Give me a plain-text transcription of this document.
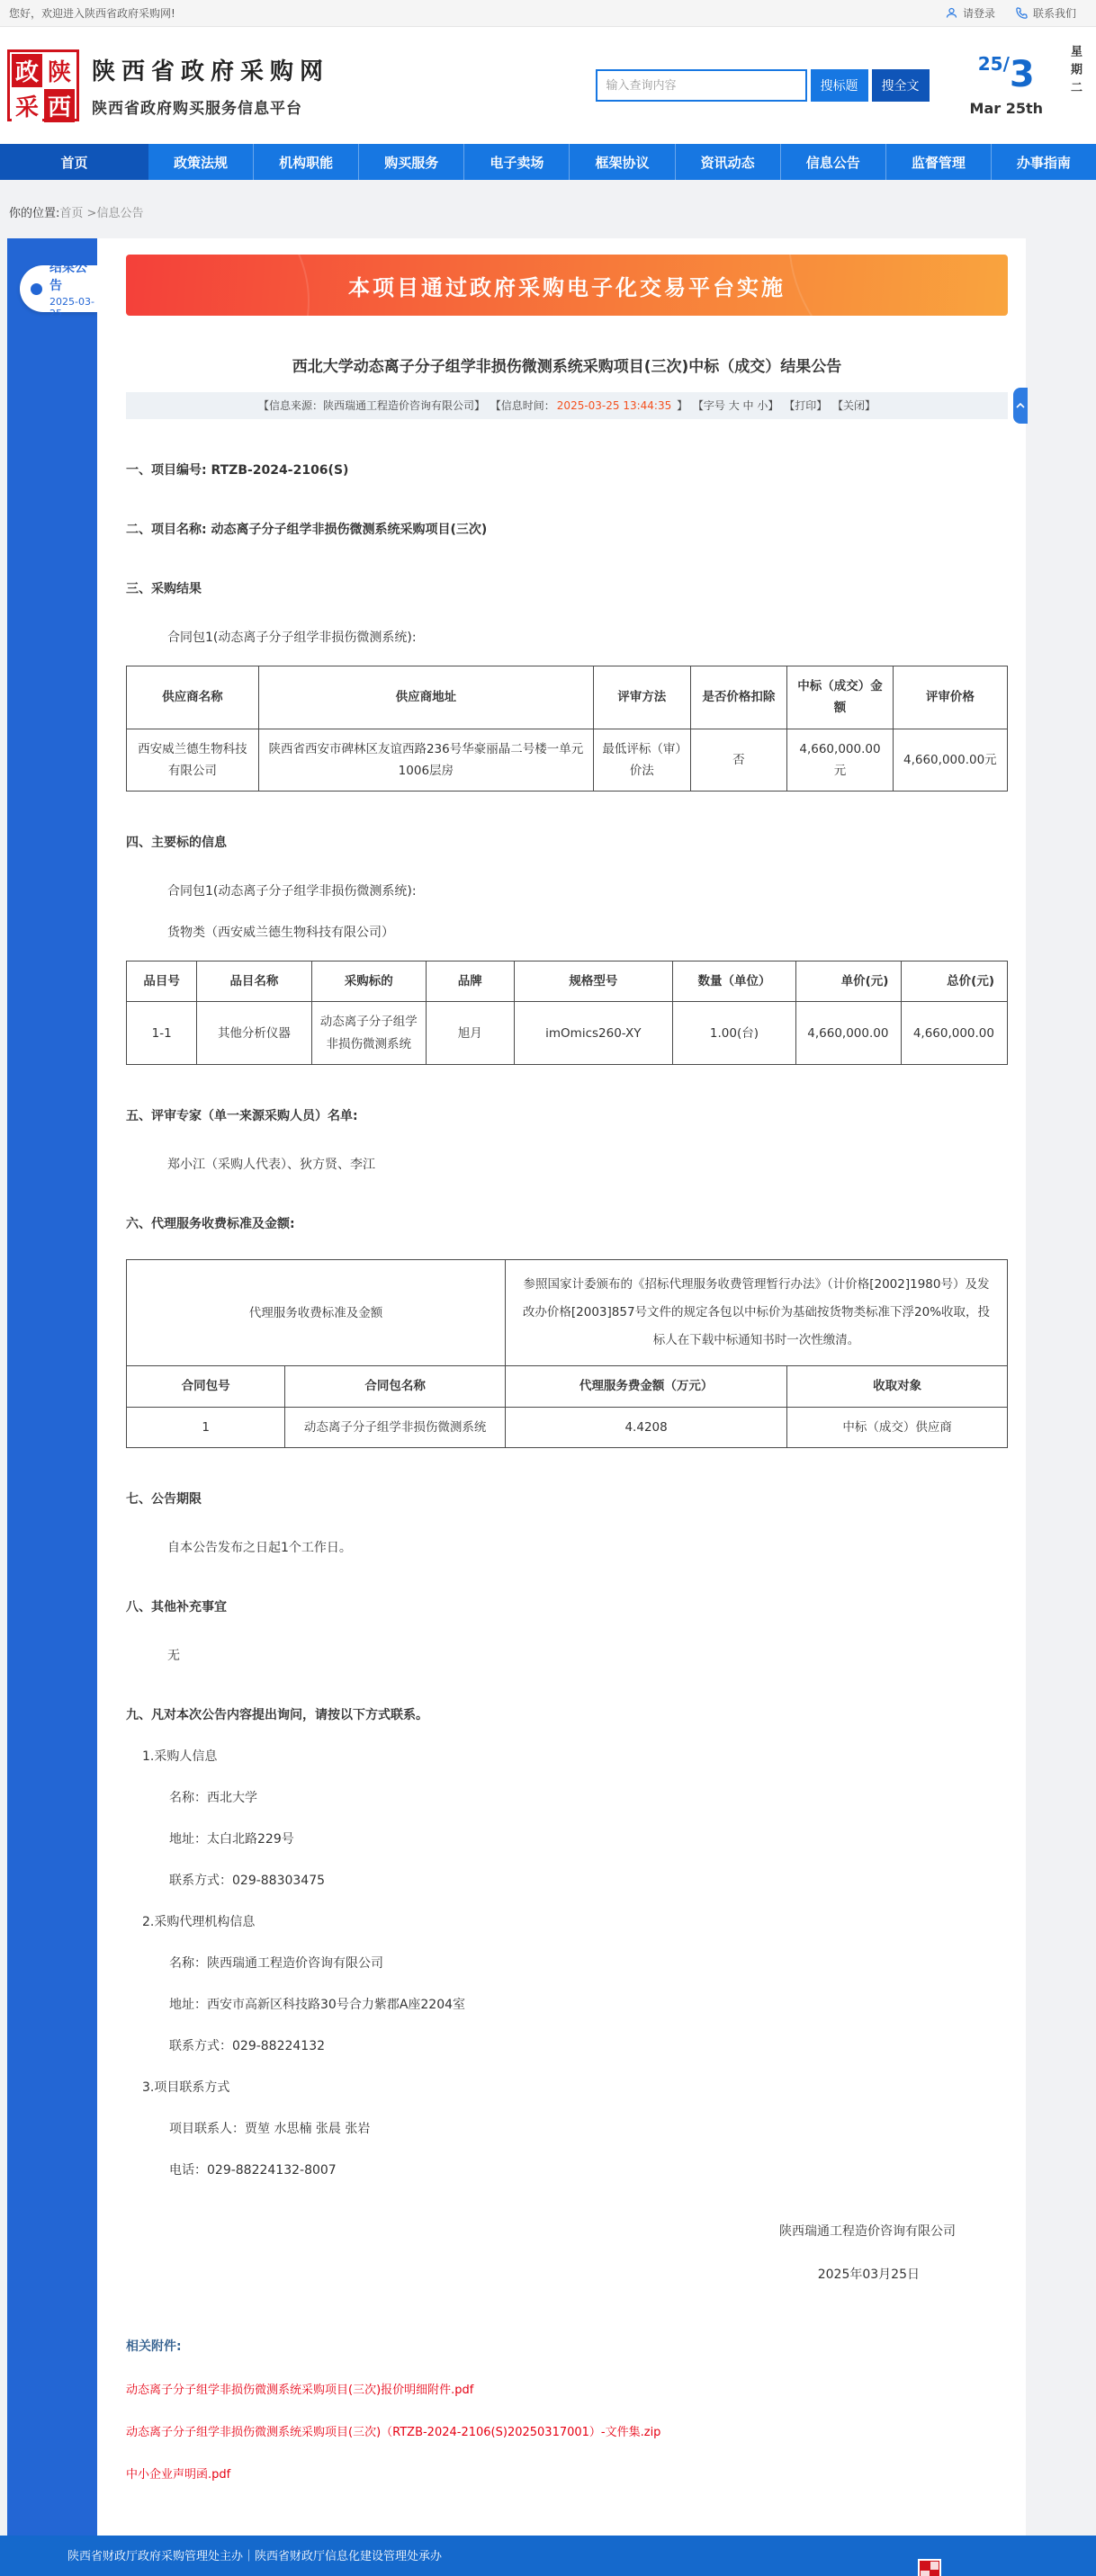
您好，欢迎进入陕西省政府采购网!	请登录	联系我们
政 陕
采 西
陕西省政府采购网
陕西省政府购买服务信息平台
输入查询内容
搜标题	搜全文
25/3
Mar 25th
星期二
首页	政策法规	机构职能	购买服务	电子卖场	框架协议	资讯动态	信息公告	监督管理	办事指南
你的位置:首页 >信息公告
结果公告
2025-03-25
本项目通过政府采购电子化交易平台实施
西北大学动态离子分子组学非损伤微测系统采购项目(三次)中标（成交）结果公告
【信息来源：陕西瑞通工程造价咨询有限公司】 【信息时间： 2025-03-25 13:44:35 】 【字号 大 中 小】 【打印】 【关闭】
一、项目编号: RTZB-2024-2106(S)
二、项目名称: 动态离子分子组学非损伤微测系统采购项目(三次)
三、采购结果
合同包1(动态离子分子组学非损伤微测系统):
供应商名称	供应商地址	评审方法	是否价格扣除	中标（成交）金额	评审价格
西安威兰德生物科技有限公司	陕西省西安市碑林区友谊西路236号华豪丽晶二号楼一单元1006层房	最低评标（审）价法	否	4,660,000.00元	4,660,000.00元
四、主要标的信息
合同包1(动态离子分子组学非损伤微测系统):
货物类（西安威兰德生物科技有限公司）
品目号	品目名称	采购标的	品牌	规格型号	数量（单位）	单价(元)	总价(元)
1-1	其他分析仪器	动态离子分子组学非损伤微测系统	旭月	imOmics260-XY	1.00(台)	4,660,000.00	4,660,000.00
五、评审专家（单一来源采购人员）名单:
郑小江（采购人代表）、狄方贤、李江
六、代理服务收费标准及金额:
代理服务收费标准及金额		参照国家计委颁布的《招标代理服务收费管理暂行办法》（计价格[2002]1980号）及发改办价格[2003]857号文件的规定各包以中标价为基础按货物类标准下浮20%收取，投标人在下载中标通知书时一次性缴清。	
合同包号	合同包名称	代理服务费金额（万元）	收取对象
1	动态离子分子组学非损伤微测系统	4.4208	中标（成交）供应商
七、公告期限
自本公告发布之日起1个工作日。
八、其他补充事宜
无
九、凡对本次公告内容提出询问，请按以下方式联系。
1.采购人信息
名称：西北大学
地址：太白北路229号
联系方式：029-88303475
2.采购代理机构信息
名称：陕西瑞通工程造价咨询有限公司
地址：西安市高新区科技路30号合力紫郡A座2204室
联系方式：029-88224132
3.项目联系方式
项目联系人：贾堃 水思楠 张晨 张岩
电话：029-88224132-8007
陕西瑞通工程造价咨询有限公司
2025年03月25日
相关附件:
动态离子分子组学非损伤微测系统采购项目(三次)报价明细附件.pdf
动态离子分子组学非损伤微测系统采购项目(三次)（RTZB-2024-2106(S)20250317001）-文件集.zip
中小企业声明函.pdf
陕西省财政厅政府采购管理处主办｜陕西省财政厅信息化建设管理处承办
